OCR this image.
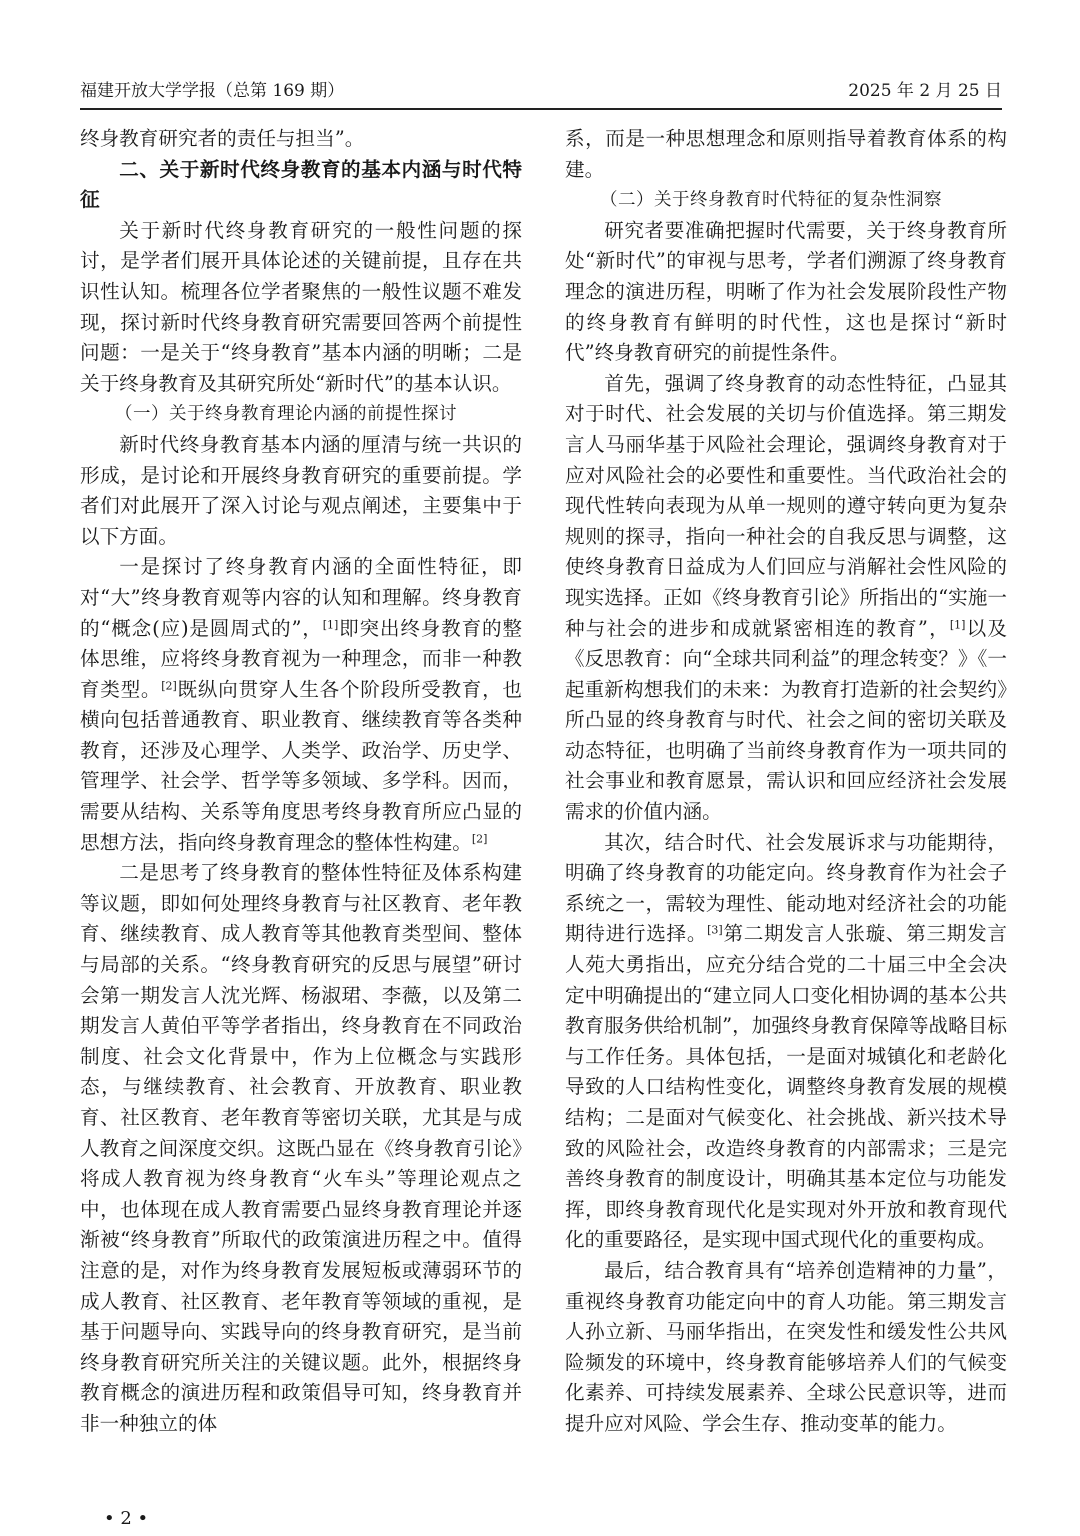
福建开放大学学报（总第 169 期）	2025 年 2 月 25 日

终身教育研究者的责任与担当”。

二、关于新时代终身教育的基本内涵与时代特征

关于新时代终身教育研究的一般性问题的探讨，是学者们展开具体论述的关键前提，且存在共识性认知。梳理各位学者聚焦的一般性议题不难发现，探讨新时代终身教育研究需要回答两个前提性问题：一是关于“终身教育”基本内涵的明晰；二是关于终身教育及其研究所处“新时代”的基本认识。

（一）关于终身教育理论内涵的前提性探讨

新时代终身教育基本内涵的厘清与统一共识的形成，是讨论和开展终身教育研究的重要前提。学者们对此展开了深入讨论与观点阐述，主要集中于以下方面。

一是探讨了终身教育内涵的全面性特征，即对“大”终身教育观等内容的认知和理解。终身教育的“概念(应)是圆周式的”，[1]即突出终身教育的整体思维，应将终身教育视为一种理念，而非一种教育类型。[2]既纵向贯穿人生各个阶段所受教育，也横向包括普通教育、职业教育、继续教育等各类种教育，还涉及心理学、人类学、政治学、历史学、管理学、社会学、哲学等多领域、多学科。因而，需要从结构、关系等角度思考终身教育所应凸显的思想方法，指向终身教育理念的整体性构建。[2]

二是思考了终身教育的整体性特征及体系构建等议题，即如何处理终身教育与社区教育、老年教育、继续教育、成人教育等其他教育类型间、整体与局部的关系。“终身教育研究的反思与展望”研讨会第一期发言人沈光辉、杨淑珺、李薇，以及第二期发言人黄伯平等学者指出，终身教育在不同政治制度、社会文化背景中，作为上位概念与实践形态，与继续教育、社会教育、开放教育、职业教育、社区教育、老年教育等密切关联，尤其是与成人教育之间深度交织。这既凸显在《终身教育引论》将成人教育视为终身教育“火车头”等理论观点之中，也体现在成人教育需要凸显终身教育理论并逐渐被“终身教育”所取代的政策演进历程之中。值得注意的是，对作为终身教育发展短板或薄弱环节的成人教育、社区教育、老年教育等领域的重视，是基于问题导向、实践导向的终身教育研究，是当前终身教育研究所关注的关键议题。此外，根据终身教育概念的演进历程和政策倡导可知，终身教育并非一种独立的体

系，而是一种思想理念和原则指导着教育体系的构建。

（二）关于终身教育时代特征的复杂性洞察

研究者要准确把握时代需要，关于终身教育所处“新时代”的审视与思考，学者们溯源了终身教育理念的演进历程，明晰了作为社会发展阶段性产物的终身教育有鲜明的时代性，这也是探讨“新时代”终身教育研究的前提性条件。

首先，强调了终身教育的动态性特征，凸显其对于时代、社会发展的关切与价值选择。第三期发言人马丽华基于风险社会理论，强调终身教育对于应对风险社会的必要性和重要性。当代政治社会的现代性转向表现为从单一规则的遵守转向更为复杂规则的探寻，指向一种社会的自我反思与调整，这使终身教育日益成为人们回应与消解社会性风险的现实选择。正如《终身教育引论》所指出的“实施一种与社会的进步和成就紧密相连的教育”，[1]以及《反思教育：向“全球共同利益”的理念转变？》《一起重新构想我们的未来：为教育打造新的社会契约》所凸显的终身教育与时代、社会之间的密切关联及动态特征，也明确了当前终身教育作为一项共同的社会事业和教育愿景，需认识和回应经济社会发展需求的价值内涵。

其次，结合时代、社会发展诉求与功能期待，明确了终身教育的功能定向。终身教育作为社会子系统之一，需较为理性、能动地对经济社会的功能期待进行选择。[3]第二期发言人张璇、第三期发言人苑大勇指出，应充分结合党的二十届三中全会决定中明确提出的“建立同人口变化相协调的基本公共教育服务供给机制”，加强终身教育保障等战略目标与工作任务。具体包括，一是面对城镇化和老龄化导致的人口结构性变化，调整终身教育发展的规模结构；二是面对气候变化、社会挑战、新兴技术导致的风险社会，改造终身教育的内部需求；三是完善终身教育的制度设计，明确其基本定位与功能发挥，即终身教育现代化是实现对外开放和教育现代化的重要路径，是实现中国式现代化的重要构成。

最后，结合教育具有“培养创造精神的力量”，重视终身教育功能定向中的育人功能。第三期发言人孙立新、马丽华指出，在突发性和缓发性公共风险频发的环境中，终身教育能够培养人们的气候变化素养、可持续发展素养、全球公民意识等，进而提升应对风险、学会生存、推动变革的能力。

• 2 •
